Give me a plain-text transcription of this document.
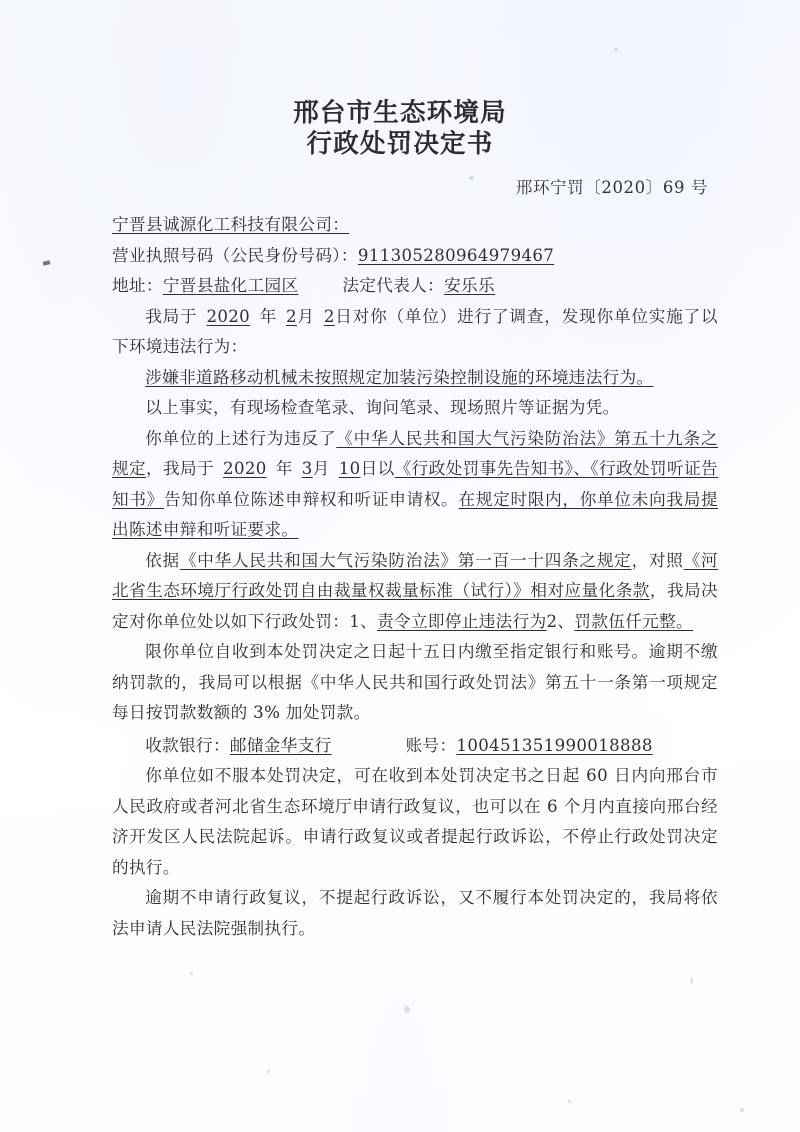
邢台市生态环境局
行政处罚决定书
邢环宁罚〔2020〕69 号
宁晋县诚源化工科技有限公司：
营业执照号码（公民身份号码）：911305280964979467
地址：宁晋县盐化工园区	法定代表人：安乐乐
我局于 2020 年 2月 2日对你（单位）进行了调查，发现你单位实施了以下环境违法行为：
涉嫌非道路移动机械未按照规定加装污染控制设施的环境违法行为。
以上事实，有现场检查笔录、询问笔录、现场照片等证据为凭。
你单位的上述行为违反了《中华人民共和国大气污染防治法》第五十九条之规定，我局于 2020 年 3月 10日以《行政处罚事先告知书》、《行政处罚听证告知书》告知你单位陈述申辩权和听证申请权。在规定时限内，你单位未向我局提出陈述申辩和听证要求。
依据《中华人民共和国大气污染防治法》第一百一十四条之规定，对照《河北省生态环境厅行政处罚自由裁量权裁量标准（试行）》相对应量化条款，我局决定对你单位处以如下行政处罚：1、责令立即停止违法行为2、罚款伍仟元整。
限你单位自收到本处罚决定之日起十五日内缴至指定银行和账号。逾期不缴纳罚款的，我局可以根据《中华人民共和国行政处罚法》第五十一条第一项规定每日按罚款数额的 3% 加处罚款。
收款银行：邮储金华支行	账号：100451351990018888
你单位如不服本处罚决定，可在收到本处罚决定书之日起 60 日内向邢台市人民政府或者河北省生态环境厅申请行政复议，也可以在 6 个月内直接向邢台经济开发区人民法院起诉。申请行政复议或者提起行政诉讼，不停止行政处罚决定的执行。
逾期不申请行政复议，不提起行政诉讼，又不履行本处罚决定的，我局将依法申请人民法院强制执行。
